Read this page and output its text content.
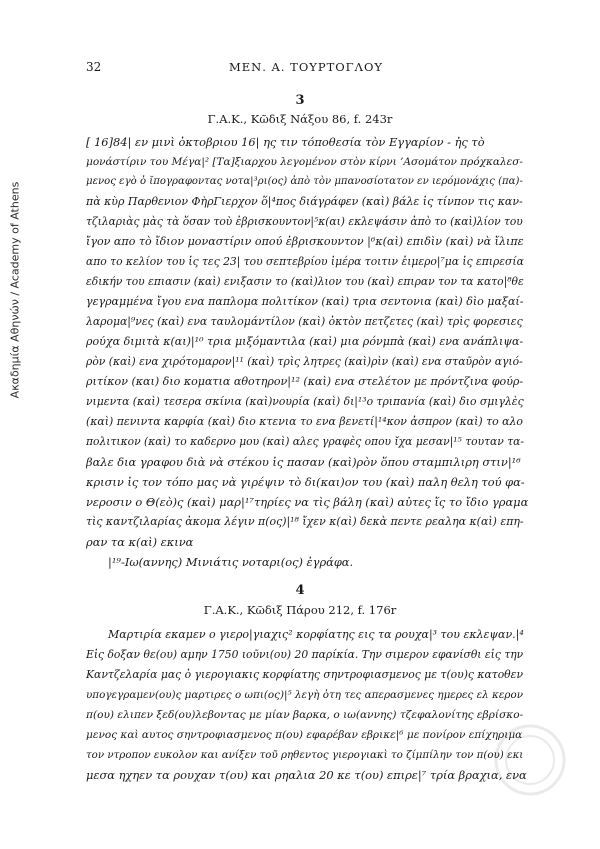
Ακαδημία Αθηνών / Academy of Athens
32	ΜΕΝ. Α. ΤΟΥΡΤΟΓΛΟΥ
3
Γ.Α.Κ., Κῶδιξ Νάξου 86, f. 243r
[ 16]84| εν μινὶ ὀκτοβριου 16| ης τιν τόποθεσία τὸν Εγγαρίον - ἠς τὸ
μονάστίριν του Μέγα|² [Τα]ξιαρχου λεγομένον στὸν κίρνι ’Ασομάτον πρόχκαλεσ-
μενος εγὸ ὁ ῐπογραφοντας νοτα|³ρι(ος) ἀπὸ τὸν μπανοσίοτατον εν ιερόμονάχις (πα)-
πὰ κὺρ Παρθενιον ΦὴρΓιερχον ὅ|⁴πος διάγράφεν (καὶ) βάλε ἰς τίνπον τις καν-
τζιλαριὰς μὰς τὰ ὅσαν τοὺ ἐβρισκουντον|⁵κ(αι) εκλεψάσιν ἀπὸ το (καὶ)λίον του
ἴγον απο τὸ ἴδιον μοναστίριν οπού ἐβρισκουντον |⁶κ(αὶ) επιδὶν (καὶ) νὰ ἴλιπε
απο το κελίον του ἰς τες 23| του σεπτεβρίου ἰμέρα τοιτιν ἐιμερο|⁷μα ἰς επιρεσία
εδικήν του επιασιν (καὶ) ενιξασιν το (καὶ)λιον του (καὶ) επιραν τον τα κατο|⁸θε
γεγραμμένα ἴγου ενα παπλομα πολιτίκον (καὶ) τρια σεντονια (καὶ) δὶο μαξαί-
λαρομα|⁹νες (καὶ) ενα ταυλομάντίλον (καὶ) ὀκτὸν πετζετες (καὶ) τρὶς φορεσιες
ρούχα διμιτὰ κ(αι)|¹⁰ τρια μιξόμαντιλα (καὶ) μια ρόνμπὰ (καὶ) ενα ανάπλιψα-
ρὸν (καὶ) ενα χιρότομαρον|¹¹ (καὶ) τρὶς λητρες (καὶ)ρὶν (καὶ) ενα σταῦρὸν αγιό-
ριτίκον (και) διο κοματια αθοτηρον|¹² (καὶ) ενα στελέτον με πρόντζινα φούρ-
νιμεντα (καὶ) τεσερα σκίνια (καὶ)νουρία (καὶ) δι|¹³ο τριπανία (καὶ) διο σμιγλὲς
(καὶ) πενιντα καρφία (καὶ) διο κτενια το ενα βενετί|¹⁴κον ἀσπρον (καὶ) το αλο
πολιτικον (καὶ) το καδερνο μου (καὶ) αλες γραφὲς οπου ῐχα μεσαν|¹⁵ τουταν τα-
βαλε δια γραφου διὰ νὰ στέκου ἰς πασαν (καὶ)ρὸν ὅπου σταμπιλιρη στιν|¹⁶
κρισιν ἰς τον τόπο μας νὰ γιρέψιν τὸ δι(και)ον του (καὶ) παλη θελη τού φα-
νεροσιν ο Θ(εὸ)ς (καὶ) μαρ|¹⁷τηρίες να τὶς βάλη (καὶ) αὐτες ἴς το ἴδιο γραμα
τὶς καντζιλαρίας ἀκομα λέγιν π(ος)|¹⁸ ἴχεν κ(αὶ) δεκὰ πεντε ρεαληα κ(αὶ) επη-
ραν τα κ(αὶ) εκινα
|¹⁹-Ιω(αννης) Μινιάτις νοταρι(ος) ἐγράφα.
4
Γ.Α.Κ., Κῶδιξ Πάρου 212, f. 176r
Μαρτιρία εκαμεν ο γιερο|γιαχις² κορφίατης εις τα ρουχα|³ του εκλεψαν.|⁴
Εἰς δοξαν θε(ου) αμην 1750 ιοῦνι(ου) 20 παρίκία. Την σιμερον εφανίσθι εἰς την
Καντζελαρία μας ὁ γιερογιακις κορφίατης σηντροφιασμενος με τ(ου)ς κατοθεν
υπογεγραμεν(ου)ς μαρτιρες ο ωπι(ος)|⁵ λεγὴ ὀτη τες απερασμενες ημερες ελ κερον
π(ου) ελιπεν ξεδ(ου)λεβοντας με μίαν βαρκα, ο ιω(αννης) τζεφαλονίτης εβρίσκο-
μενος καὶ αυτος σηντροφιασμενος π(ου) εφαρέβαν εβρικε|⁶ με πονίρον επίχηριμα
τον ντροπον ευκολον και ανίξεν τοῦ ρηθεντος γιερογιακὶ το ζίμπίλην τον π(ου) εκι
μεσα ηχηεν τα ρουχαν τ(ου) και ρηαλια 20 κε τ(ου) επιρε|⁷ τρία βραχια, ενα
